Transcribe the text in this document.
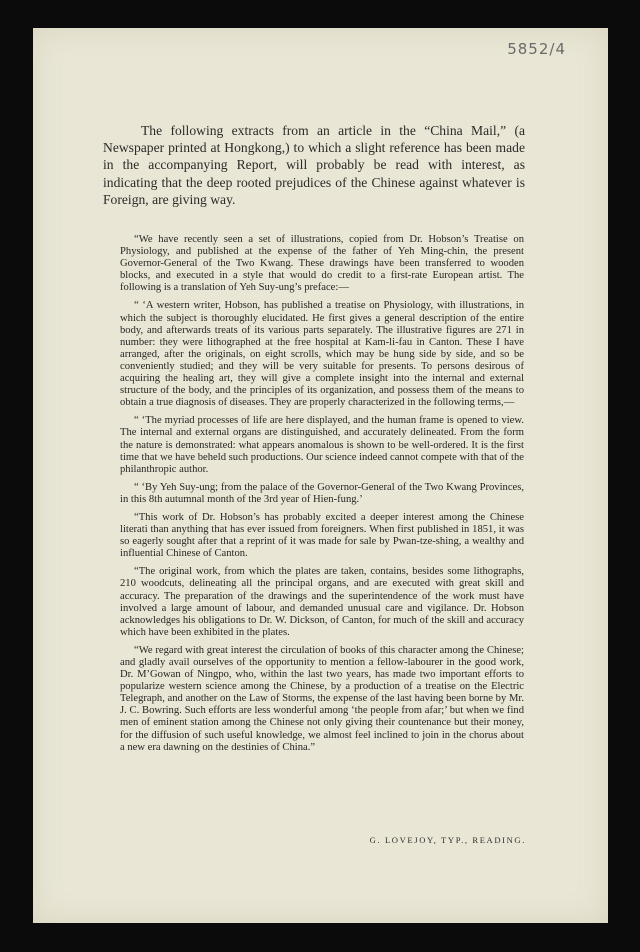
5852/4

The following extracts from an article in the “China Mail,” (a Newspaper printed at Hongkong,) to which a slight reference has been made in the accompanying Report, will probably be read with interest, as indicating that the deep rooted prejudices of the Chinese against whatever is Foreign, are giving way.

“We have recently seen a set of illustrations, copied from Dr. Hobson’s Treatise on Physiology, and published at the expense of the father of Yeh Ming-chin, the present Governor-General of the Two Kwang. These drawings have been transferred to wooden blocks, and executed in a style that would do credit to a first-rate European artist. The following is a translation of Yeh Suy-ung’s preface:—

“ ‘A western writer, Hobson, has published a treatise on Physiology, with illustrations, in which the subject is thoroughly elucidated. He first gives a general description of the entire body, and afterwards treats of its various parts separately. The illustrative figures are 271 in number: they were lithographed at the free hospital at Kam-li-fau in Canton. These I have arranged, after the originals, on eight scrolls, which may be hung side by side, and so be conveniently studied; and they will be very suitable for presents. To persons desirous of acquiring the healing art, they will give a complete insight into the internal and external structure of the body, and the principles of its organization, and possess them of the means to obtain a true diagnosis of diseases. They are properly characterized in the following terms,—

“ ‘The myriad processes of life are here displayed, and the human frame is opened to view. The internal and external organs are distinguished, and accurately delineated. From the form the nature is demonstrated: what appears anomalous is shown to be well-ordered. It is the first time that we have beheld such productions. Our science indeed cannot compete with that of the philanthropic author.

“ ‘By Yeh Suy-ung; from the palace of the Governor-General of the Two Kwang Provinces, in this 8th autumnal month of the 3rd year of Hien-fung.’

“This work of Dr. Hobson’s has probably excited a deeper interest among the Chinese literati than anything that has ever issued from foreigners. When first published in 1851, it was so eagerly sought after that a reprint of it was made for sale by Pwan-tze-shing, a wealthy and influential Chinese of Canton.

“The original work, from which the plates are taken, contains, besides some lithographs, 210 woodcuts, delineating all the principal organs, and are executed with great skill and accuracy. The preparation of the drawings and the superintendence of the work must have involved a large amount of labour, and demanded unusual care and vigilance. Dr. Hobson acknowledges his obligations to Dr. W. Dickson, of Canton, for much of the skill and accuracy which have been exhibited in the plates.

“We regard with great interest the circulation of books of this character among the Chinese; and gladly avail ourselves of the opportunity to mention a fellow-labourer in the good work, Dr. M’Gowan of Ningpo, who, within the last two years, has made two important efforts to popularize western science among the Chinese, by a production of a treatise on the Electric Telegraph, and another on the Law of Storms, the expense of the last having been borne by Mr. J. C. Bowring. Such efforts are less wonderful among ‘the people from afar;’ but when we find men of eminent station among the Chinese not only giving their countenance but their money, for the diffusion of such useful knowledge, we almost feel inclined to join in the chorus about a new era dawning on the destinies of China.”

G. LOVEJOY, TYP., READING.
